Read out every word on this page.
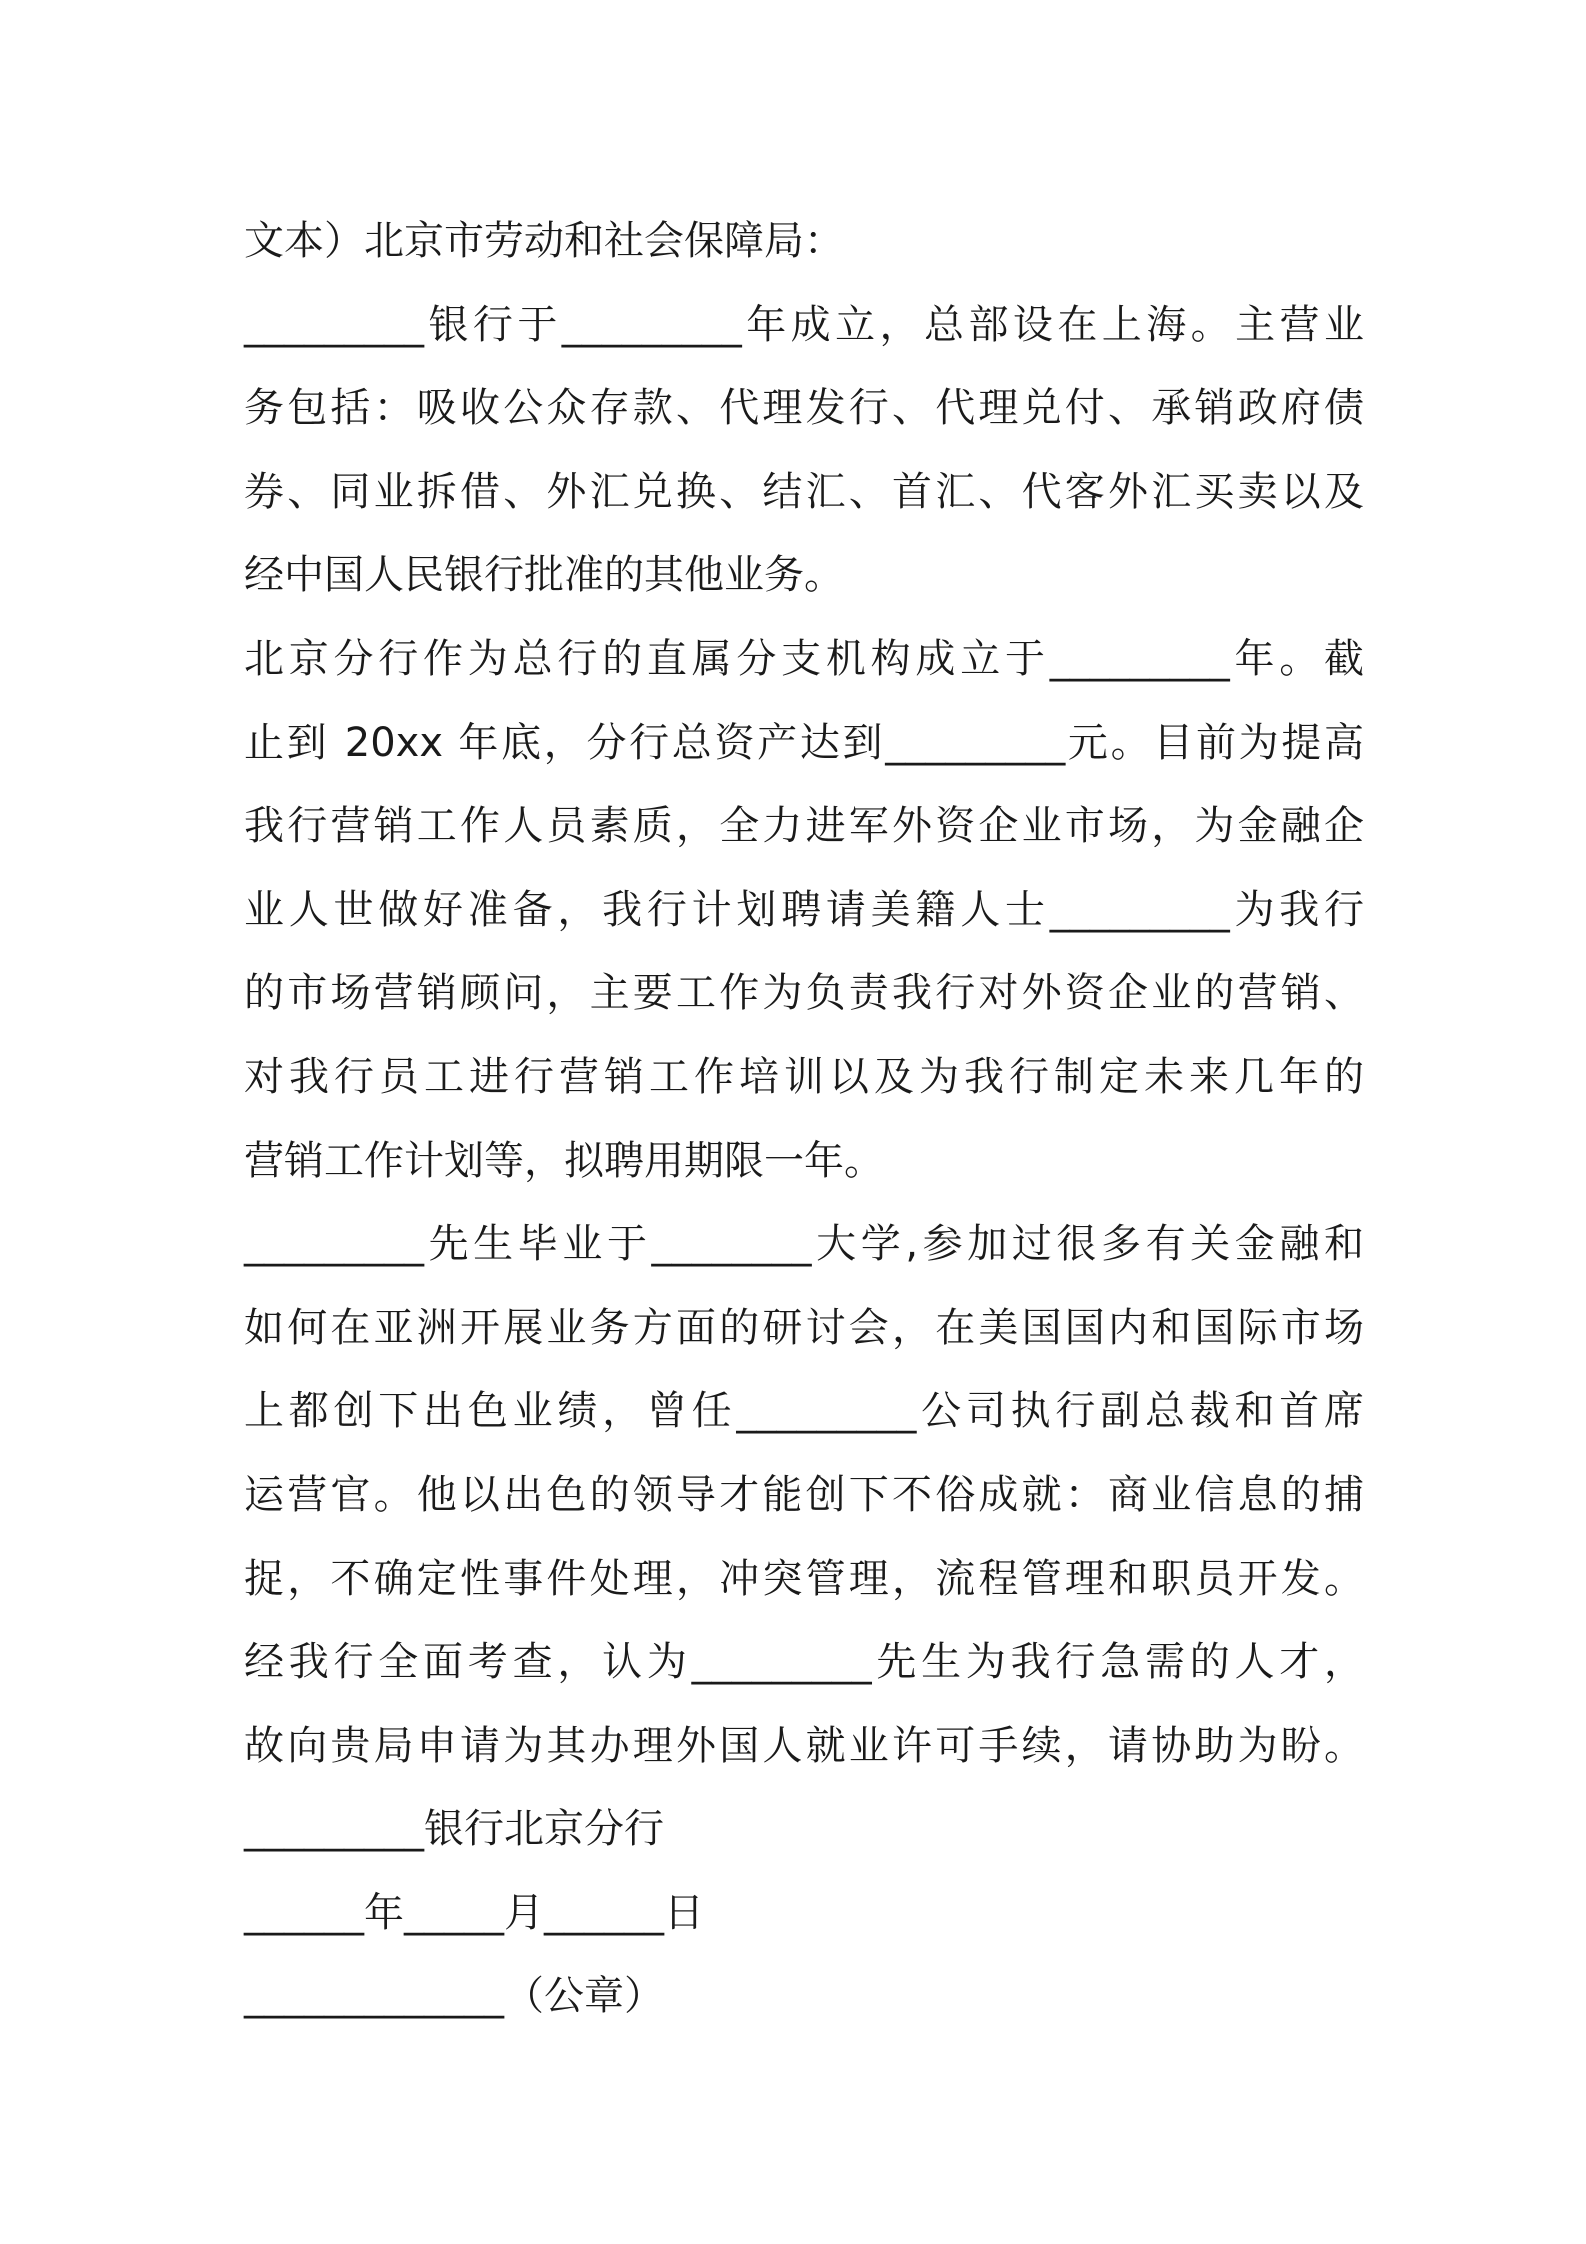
文本）北京市劳动和社会保障局：
_________银行于_________年成立，总部设在上海。主营业
务包括：吸收公众存款、代理发行、代理兑付、承销政府债
券、同业拆借、外汇兑换、结汇、首汇、代客外汇买卖以及
经中国人民银行批准的其他业务。
北京分行作为总行的直属分支机构成立于_________年。截
止到 20xx 年底，分行总资产达到_________元。目前为提高
我行营销工作人员素质，全力进军外资企业市场，为金融企
业人世做好准备，我行计划聘请美籍人士_________为我行
的市场营销顾问，主要工作为负责我行对外资企业的营销、
对我行员工进行营销工作培训以及为我行制定未来几年的
营销工作计划等，拟聘用期限一年。
_________先生毕业于________大学,参加过很多有关金融和
如何在亚洲开展业务方面的研讨会，在美国国内和国际市场
上都创下出色业绩，曾任_________公司执行副总裁和首席
运营官。他以出色的领导才能创下不俗成就：商业信息的捕
捉，不确定性事件处理，冲突管理，流程管理和职员开发。
经我行全面考查，认为_________先生为我行急需的人才，
故向贵局申请为其办理外国人就业许可手续，请协助为盼。
_________银行北京分行
______年_____月______日
_____________（公章）
